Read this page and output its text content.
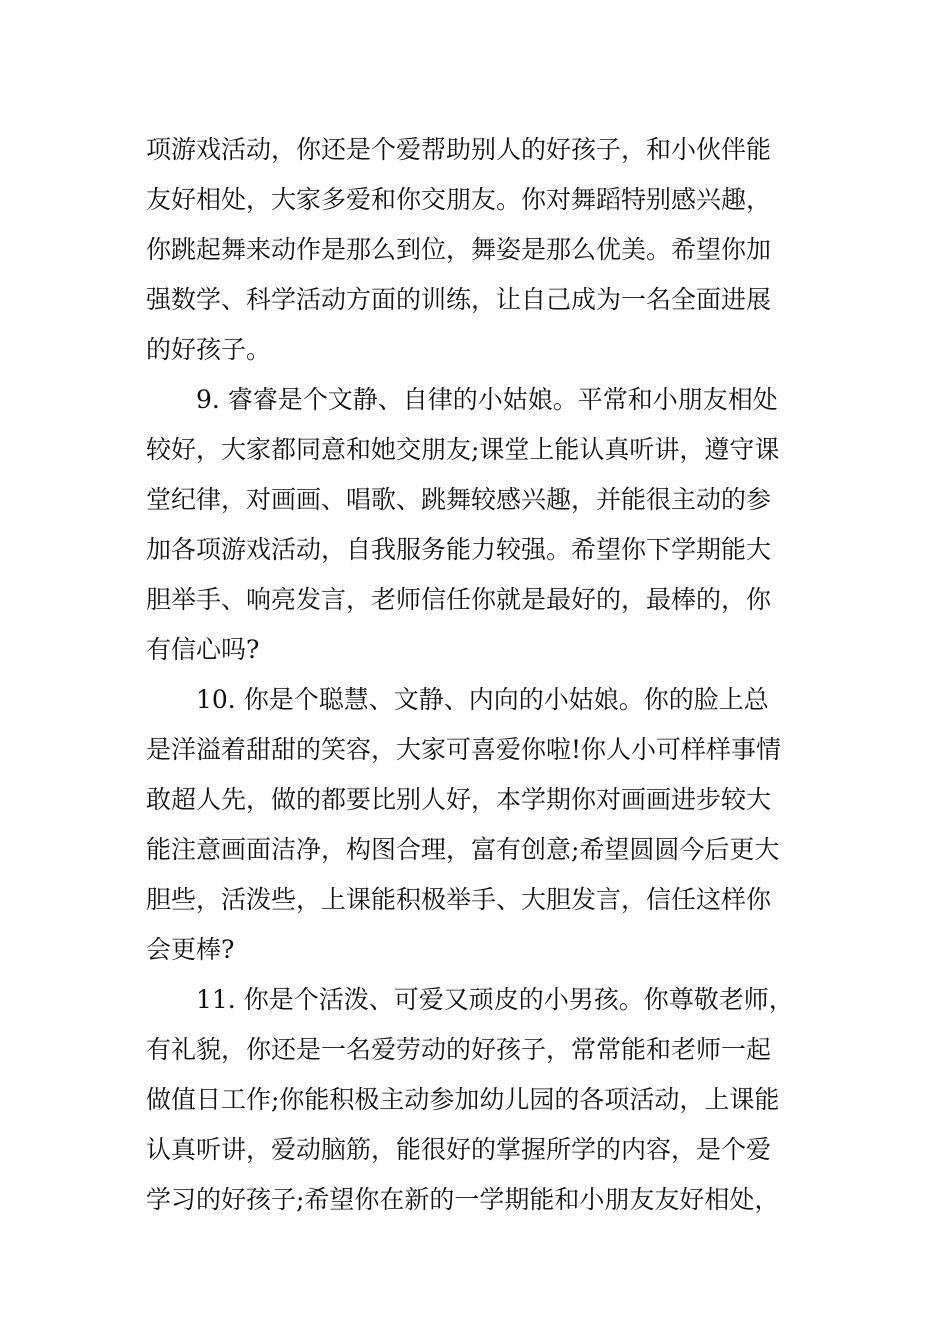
项游戏活动，你还是个爱帮助别人的好孩子，和小伙伴能
友好相处，大家多爱和你交朋友。你对舞蹈特别感兴趣，
你跳起舞来动作是那么到位，舞姿是那么优美。希望你加
强数学、科学活动方面的训练，让自己成为一名全面进展
的好孩子。
9. 睿睿是个文静、自律的小姑娘。平常和小朋友相处
较好，大家都同意和她交朋友;课堂上能认真听讲，遵守课
堂纪律，对画画、唱歌、跳舞较感兴趣，并能很主动的参
加各项游戏活动，自我服务能力较强。希望你下学期能大
胆举手、响亮发言，老师信任你就是最好的，最棒的，你
有信心吗?
10. 你是个聪慧、文静、内向的小姑娘。你的脸上总
是洋溢着甜甜的笑容，大家可喜爱你啦!你人小可样样事情
敢超人先，做的都要比别人好，本学期你对画画进步较大
能注意画面洁净，构图合理，富有创意;希望圆圆今后更大
胆些，活泼些，上课能积极举手、大胆发言，信任这样你
会更棒?
11. 你是个活泼、可爱又顽皮的小男孩。你尊敬老师，
有礼貌，你还是一名爱劳动的好孩子，常常能和老师一起
做值日工作;你能积极主动参加幼儿园的各项活动，上课能
认真听讲，爱动脑筋，能很好的掌握所学的内容，是个爱
学习的好孩子;希望你在新的一学期能和小朋友友好相处，
